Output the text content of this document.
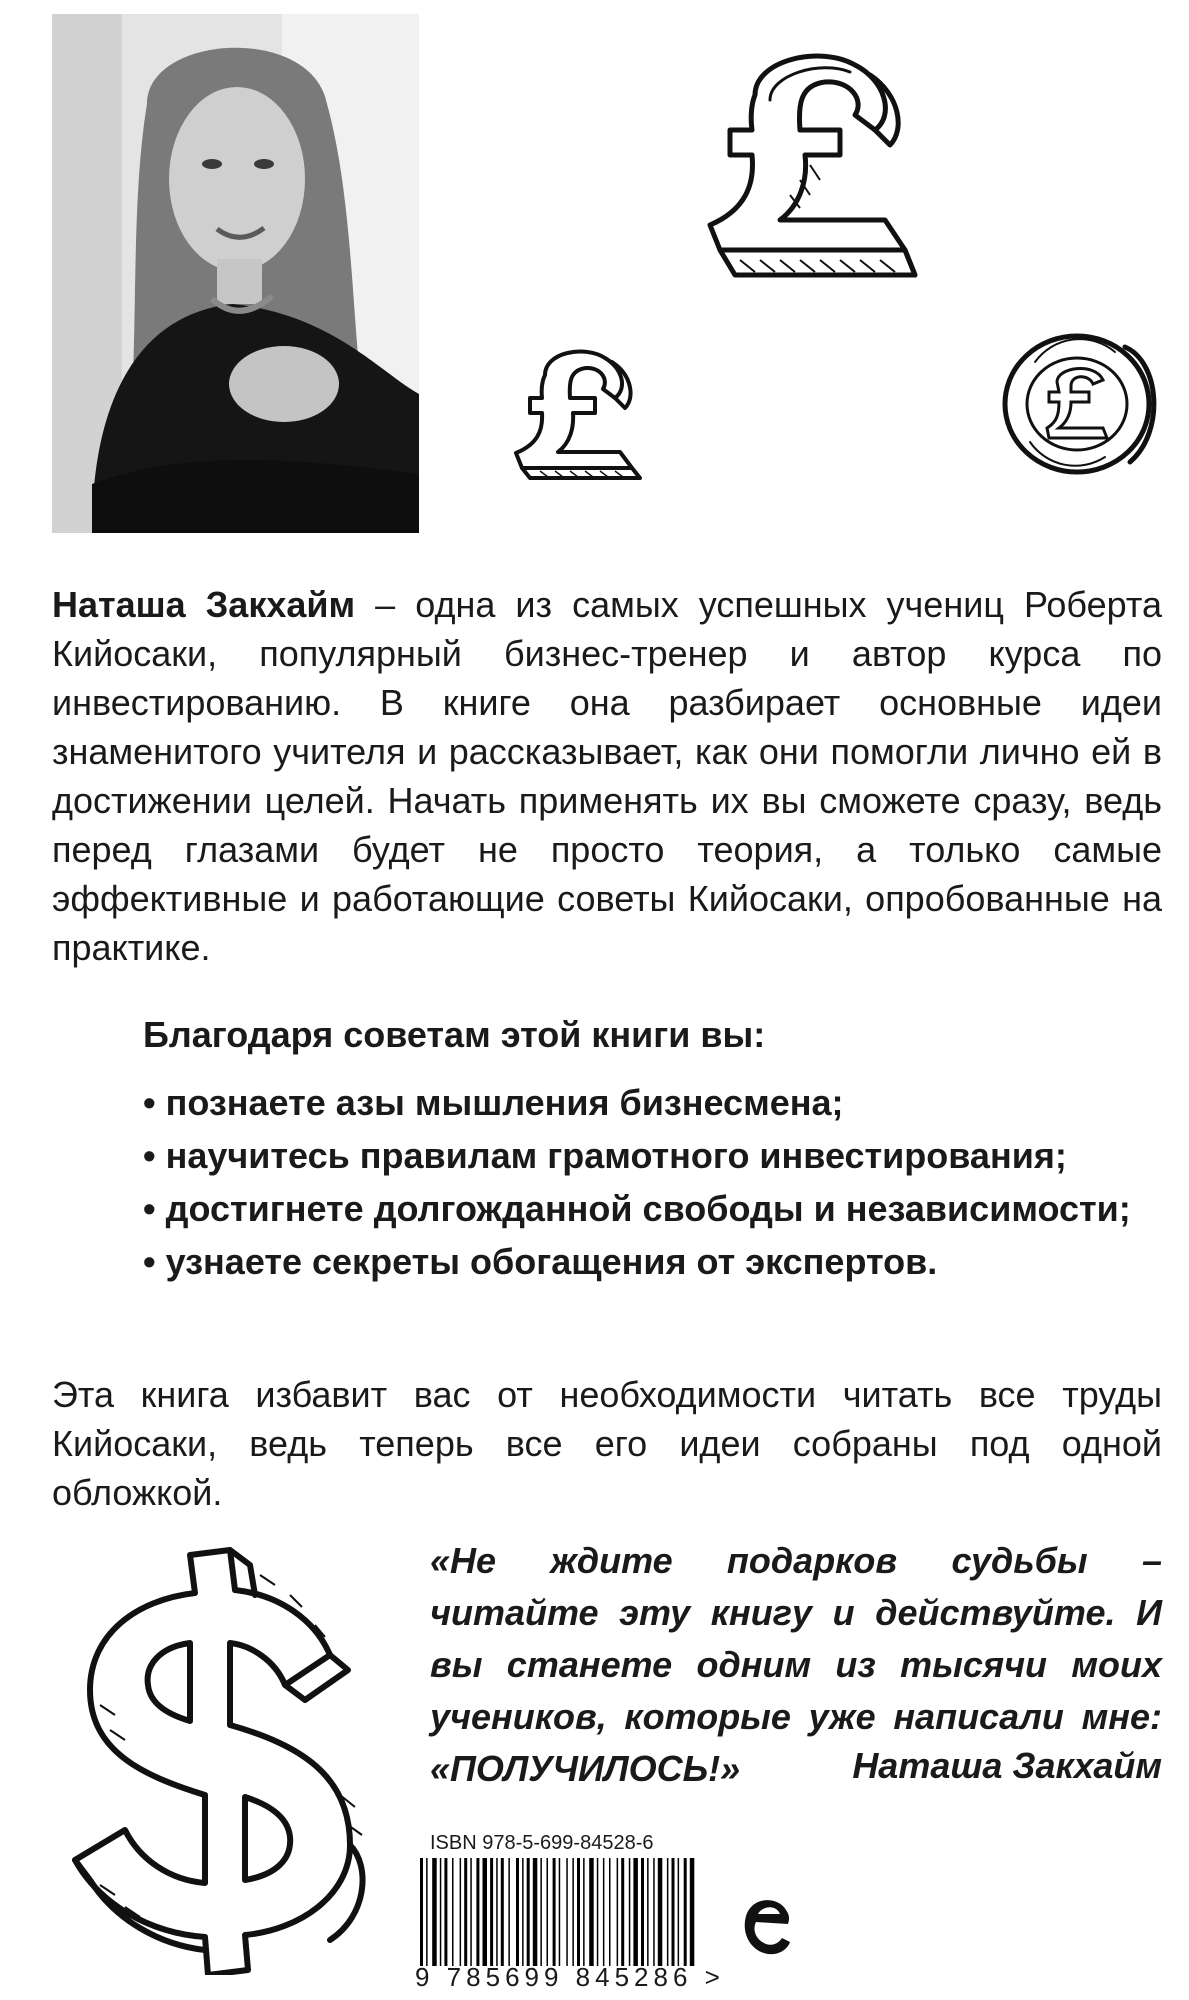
Наташа Закхайм – одна из самых успешных учениц Роберта Кийосаки, популярный бизнес-тренер и автор курса по инвестированию. В книге она разбирает основные идеи знаменитого учителя и рассказывает, как они помогли лично ей в достижении целей. Начать применять их вы сможете сразу, ведь перед глазами будет не просто теория, а только самые эффективные и работающие советы Кийосаки, опробованные на практике.

Благодаря советам этой книги вы:

• познаете азы мышления бизнесмена;
• научитесь правилам грамотного инвестирования;
• достигнете долгожданной свободы и независимости;
• узнаете секреты обогащения от экспертов.

Эта книга избавит вас от необходимости читать все труды Кийосаки, ведь теперь все его идеи собраны под одной обложкой.

«Не ждите подарков судьбы – читайте эту книгу и действуйте. И вы станете одним из тысячи моих учеников, которые уже написали мне: «ПОЛУЧИЛОСЬ!»	Наташа Закхайм

ISBN 978-5-699-84528-6

9 785699 845286 >
